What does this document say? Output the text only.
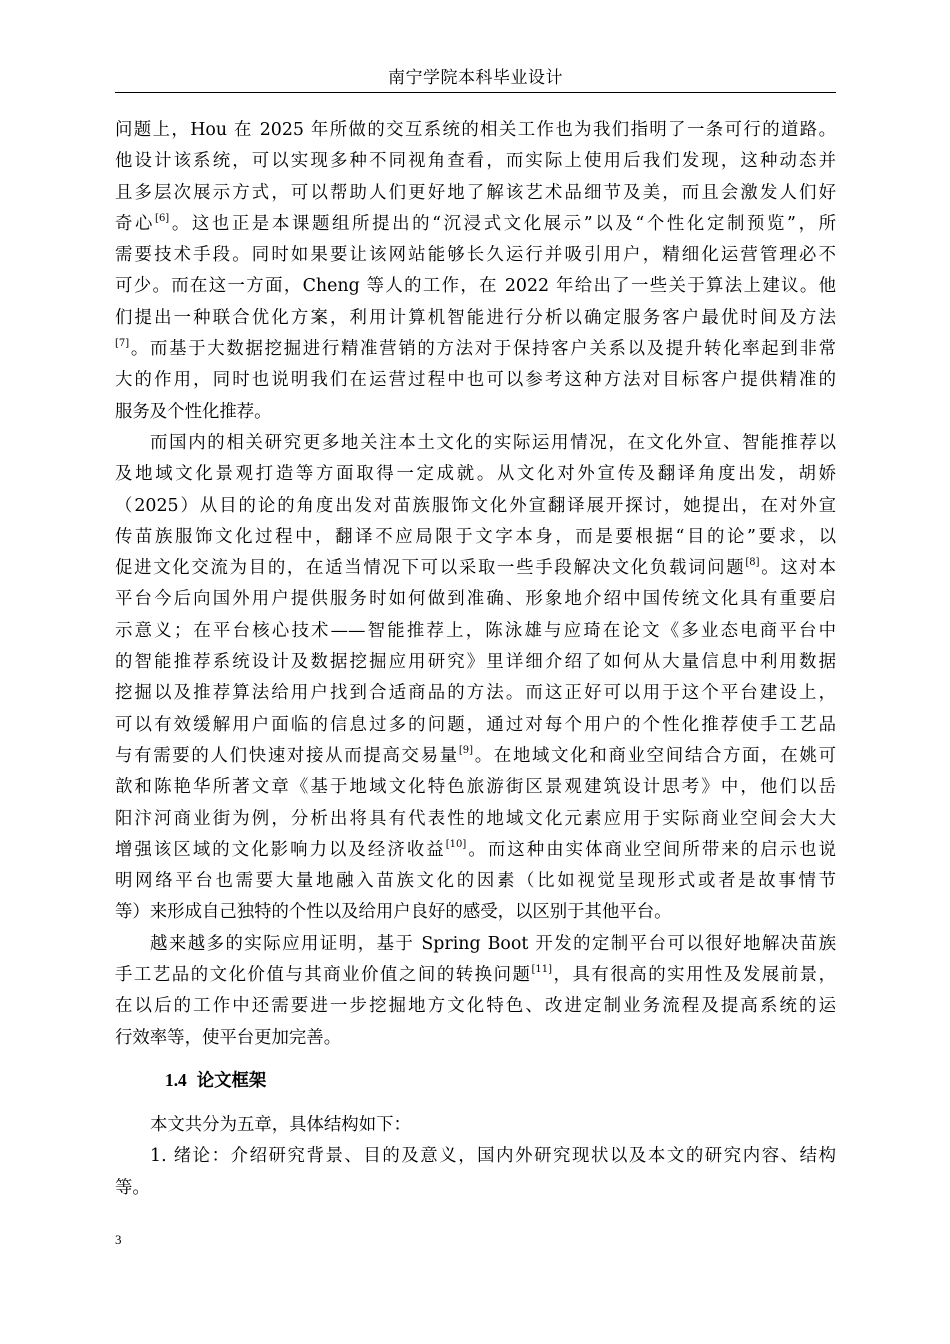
南宁学院本科毕业设计
问题上，Hou 在 2025 年所做的交互系统的相关工作也为我们指明了一条可行的道路。
他设计该系统，可以实现多种不同视角查看，而实际上使用后我们发现，这种动态并
且多层次展示方式，可以帮助人们更好地了解该艺术品细节及美，而且会激发人们好
奇心[6]。这也正是本课题组所提出的“沉浸式文化展示”以及“个性化定制预览”，所
需要技术手段。同时如果要让该网站能够长久运行并吸引用户，精细化运营管理必不
可少。而在这一方面，Cheng 等人的工作，在 2022 年给出了一些关于算法上建议。他
们提出一种联合优化方案，利用计算机智能进行分析以确定服务客户最优时间及方法
[7]。而基于大数据挖掘进行精准营销的方法对于保持客户关系以及提升转化率起到非常
大的作用，同时也说明我们在运营过程中也可以参考这种方法对目标客户提供精准的
服务及个性化推荐。
而国内的相关研究更多地关注本土文化的实际运用情况，在文化外宣、智能推荐以
及地域文化景观打造等方面取得一定成就。从文化对外宣传及翻译角度出发，胡娇
（2025）从目的论的角度出发对苗族服饰文化外宣翻译展开探讨，她提出，在对外宣
传苗族服饰文化过程中，翻译不应局限于文字本身，而是要根据“目的论”要求，以
促进文化交流为目的，在适当情况下可以采取一些手段解决文化负载词问题[8]。这对本
平台今后向国外用户提供服务时如何做到准确、形象地介绍中国传统文化具有重要启
示意义；在平台核心技术——智能推荐上，陈泳雄与应琦在论文《多业态电商平台中
的智能推荐系统设计及数据挖掘应用研究》里详细介绍了如何从大量信息中利用数据
挖掘以及推荐算法给用户找到合适商品的方法。而这正好可以用于这个平台建设上，
可以有效缓解用户面临的信息过多的问题，通过对每个用户的个性化推荐使手工艺品
与有需要的人们快速对接从而提高交易量[9]。在地域文化和商业空间结合方面，在姚可
歆和陈艳华所著文章《基于地域文化特色旅游街区景观建筑设计思考》中，他们以岳
阳汴河商业街为例，分析出将具有代表性的地域文化元素应用于实际商业空间会大大
增强该区域的文化影响力以及经济收益[10]。而这种由实体商业空间所带来的启示也说
明网络平台也需要大量地融入苗族文化的因素（比如视觉呈现形式或者是故事情节
等）来形成自己独特的个性以及给用户良好的感受，以区别于其他平台。
越来越多的实际应用证明，基于 Spring Boot 开发的定制平台可以很好地解决苗族
手工艺品的文化价值与其商业价值之间的转换问题[11]，具有很高的实用性及发展前景，
在以后的工作中还需要进一步挖掘地方文化特色、改进定制业务流程及提高系统的运
行效率等，使平台更加完善。
1.4 论文框架
本文共分为五章，具体结构如下：
1. 绪论：介绍研究背景、目的及意义，国内外研究现状以及本文的研究内容、结构
等。
3
